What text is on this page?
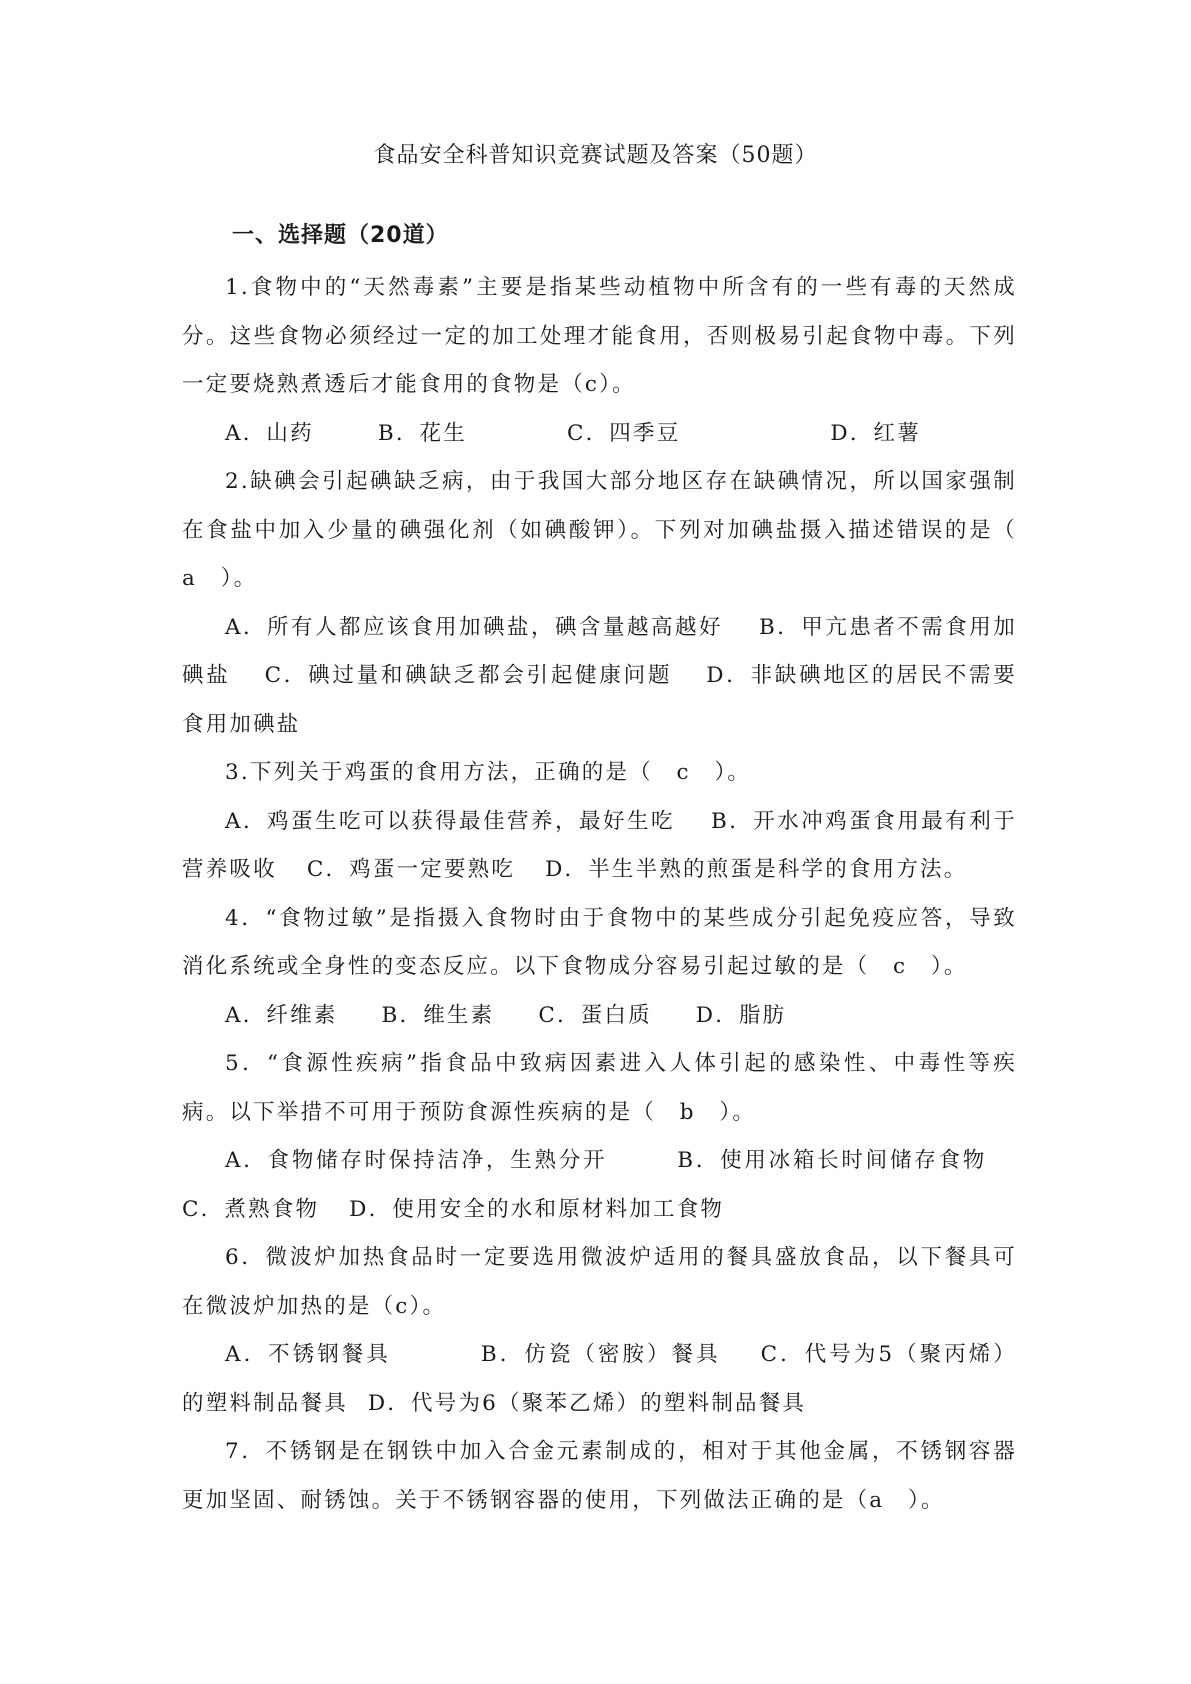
食品安全科普知识竞赛试题及答案（50题）
一、选择题（20道）

1.食物中的“天然毒素”主要是指某些动植物中所含有的一些有毒的天然成分。这些食物必须经过一定的加工处理才能食用，否则极易引起食物中毒。下列一定要烧熟煮透后才能食用的食物是（c）。

A．山药	B．花生	C．四季豆	D．红薯

2.缺碘会引起碘缺乏病，由于我国大部分地区存在缺碘情况，所以国家强制在食盐中加入少量的碘强化剂（如碘酸钾）。下列对加碘盐摄入描述错误的是（　a　）。

A．所有人都应该食用加碘盐，碘含量越高越好 B．甲亢患者不需食用加碘盐 C．碘过量和碘缺乏都会引起健康问题 D．非缺碘地区的居民不需要食用加碘盐

3.下列关于鸡蛋的食用方法，正确的是（　c　）。

A．鸡蛋生吃可以获得最佳营养，最好生吃 B．开水冲鸡蛋食用最有利于营养吸收 C．鸡蛋一定要熟吃 D．半生半熟的煎蛋是科学的食用方法。

4．“食物过敏”是指摄入食物时由于食物中的某些成分引起免疫应答，导致消化系统或全身性的变态反应。以下食物成分容易引起过敏的是（　c　）。

A．纤维素 B．维生素 C．蛋白质 D．脂肪

5．“食源性疾病”指食品中致病因素进入人体引起的感染性、中毒性等疾病。以下举措不可用于预防食源性疾病的是（　b　）。

A．食物储存时保持洁净，生熟分开	B．使用冰箱长时间储存食物C．煮熟食物 D．使用安全的水和原材料加工食物

6．微波炉加热食品时一定要选用微波炉适用的餐具盛放食品，以下餐具可在微波炉加热的是（c）。

A．不锈钢餐具	B．仿瓷（密胺）餐具 C．代号为5（聚丙烯）的塑料制品餐具 D．代号为6（聚苯乙烯）的塑料制品餐具

7．不锈钢是在钢铁中加入合金元素制成的，相对于其他金属，不锈钢容器更加坚固、耐锈蚀。关于不锈钢容器的使用，下列做法正确的是（a　）。
